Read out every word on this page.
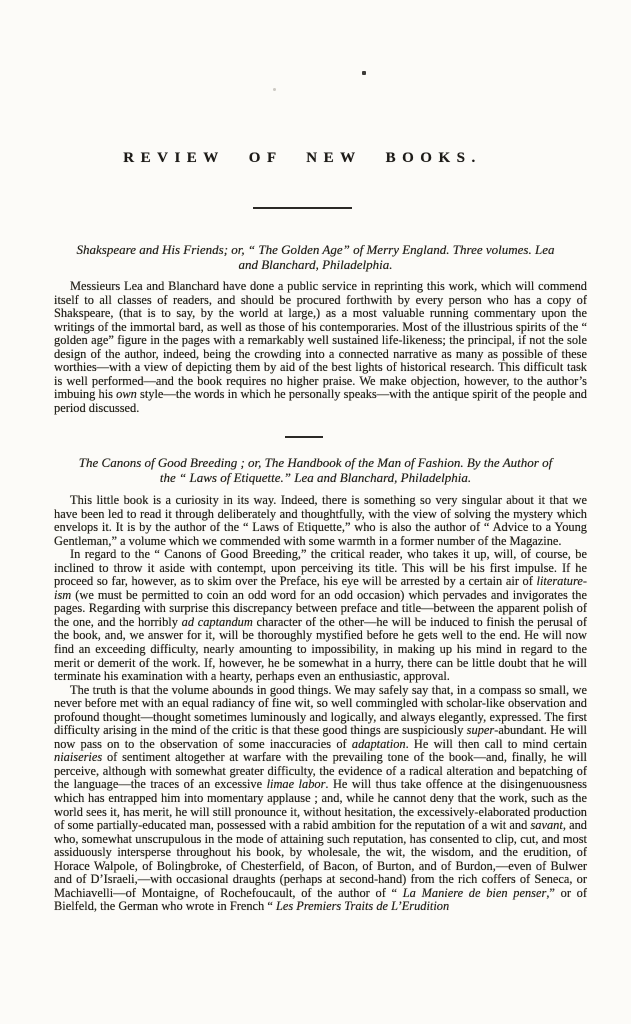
REVIEW OF NEW BOOKS.
Shakspeare and His Friends; or, “ The Golden Age” of Merry England. Three volumes. Lea
and Blanchard, Philadelphia.

Messieurs Lea and Blanchard have done a public service in reprinting this work, which will commend itself to all classes of readers, and should be procured forthwith by every person who has a copy of Shakspeare, (that is to say, by the world at large,) as a most valuable running commentary upon the writings of the immortal bard, as well as those of his contemporaries. Most of the illustrious spirits of the “ golden age” figure in the pages with a remarkably well sustained life-likeness; the principal, if not the sole design of the author, indeed, being the crowding into a connected narrative as many as possible of these worthies—with a view of depicting them by aid of the best lights of historical research. This difficult task is well performed—and the book requires no higher praise. We make objection, however, to the author’s imbuing his own style—the words in which he personally speaks—with the antique spirit of the people and period discussed.

The Canons of Good Breeding ; or, The Handbook of the Man of Fashion. By the Author of
the “ Laws of Etiquette.” Lea and Blanchard, Philadelphia.

This little book is a curiosity in its way. Indeed, there is something so very singular about it that we have been led to read it through deliberately and thoughtfully, with the view of solving the mystery which envelops it. It is by the author of the “ Laws of Etiquette,” who is also the author of “ Advice to a Young Gentleman,” a volume which we commended with some warmth in a former number of the Magazine.

In regard to the “ Canons of Good Breeding,” the critical reader, who takes it up, will, of course, be inclined to throw it aside with contempt, upon perceiving its title. This will be his first impulse. If he proceed so far, however, as to skim over the Preface, his eye will be arrested by a certain air of literature-ism (we must be permitted to coin an odd word for an odd occasion) which pervades and invigorates the pages. Regarding with surprise this discrepancy between preface and title—between the apparent polish of the one, and the horribly ad captandum character of the other—he will be induced to finish the perusal of the book, and, we answer for it, will be thoroughly mystified before he gets well to the end. He will now find an exceeding difficulty, nearly amounting to impossibility, in making up his mind in regard to the merit or demerit of the work. If, however, he be somewhat in a hurry, there can be little doubt that he will terminate his examination with a hearty, perhaps even an enthusiastic, approval.

The truth is that the volume abounds in good things. We may safely say that, in a compass so small, we never before met with an equal radiancy of fine wit, so well commingled with scholar-like observation and profound thought—thought sometimes luminously and logically, and always elegantly, expressed. The first difficulty arising in the mind of the critic is that these good things are suspiciously super-abundant. He will now pass on to the observation of some inaccuracies of adaptation. He will then call to mind certain niaiseries of sentiment altogether at warfare with the prevailing tone of the book—and, finally, he will perceive, although with somewhat greater difficulty, the evidence of a radical alteration and bepatching of the language—the traces of an excessive limae labor. He will thus take offence at the disingenuousness which has entrapped him into momentary applause ; and, while he cannot deny that the work, such as the world sees it, has merit, he will still pronounce it, without hesitation, the excessively-elaborated production of some partially-educated man, possessed with a rabid ambition for the reputation of a wit and savant, and who, somewhat unscrupulous in the mode of attaining such reputation, has consented to clip, cut, and most assiduously intersperse throughout his book, by wholesale, the wit, the wisdom, and the erudition, of Horace Walpole, of Bolingbroke, of Chesterfield, of Bacon, of Burton, and of Burdon,—even of Bulwer and of D’Israeli,—with occasional draughts (perhaps at second-hand) from the rich coffers of Seneca, or Machiavelli—of Montaigne, of Rochefoucault, of the author of “ La Maniere de bien penser,” or of Bielfeld, the German who wrote in French “ Les Premiers Traits de L’Erudition
